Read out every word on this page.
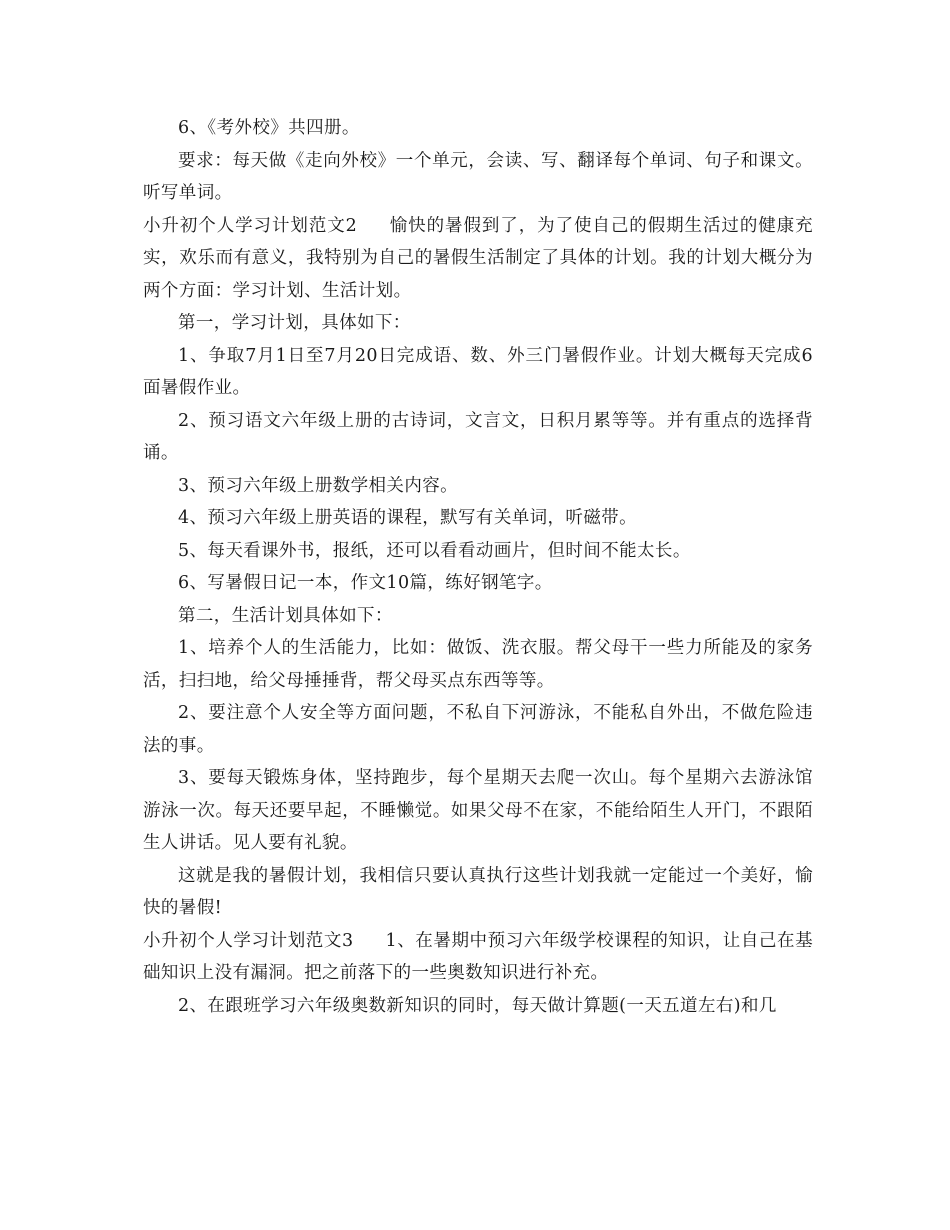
6、《考外校》共四册。

要求：每天做《走向外校》一个单元，会读、写、翻译每个单词、句子和课文。听写单词。

小升初个人学习计划范文2 愉快的暑假到了，为了使自己的假期生活过的健康充实，欢乐而有意义，我特别为自己的暑假生活制定了具体的计划。我的计划大概分为两个方面：学习计划、生活计划。

第一，学习计划，具体如下：

1、争取7月1日至7月20日完成语、数、外三门暑假作业。计划大概每天完成6面暑假作业。

2、预习语文六年级上册的古诗词，文言文，日积月累等等。并有重点的选择背诵。

3、预习六年级上册数学相关内容。

4、预习六年级上册英语的课程，默写有关单词，听磁带。

5、每天看课外书，报纸，还可以看看动画片，但时间不能太长。

6、写暑假日记一本，作文10篇，练好钢笔字。

第二，生活计划具体如下：

1、培养个人的生活能力，比如：做饭、洗衣服。帮父母干一些力所能及的家务活，扫扫地，给父母捶捶背，帮父母买点东西等等。

2、要注意个人安全等方面问题，不私自下河游泳，不能私自外出，不做危险违法的事。

3、要每天锻炼身体，坚持跑步，每个星期天去爬一次山。每个星期六去游泳馆游泳一次。每天还要早起，不睡懒觉。如果父母不在家，不能给陌生人开门，不跟陌生人讲话。见人要有礼貌。

这就是我的暑假计划，我相信只要认真执行这些计划我就一定能过一个美好，愉快的暑假!

小升初个人学习计划范文3 1、在暑期中预习六年级学校课程的知识，让自己在基础知识上没有漏洞。把之前落下的一些奥数知识进行补充。

2、在跟班学习六年级奥数新知识的同时，每天做计算题(一天五道左右)和几
